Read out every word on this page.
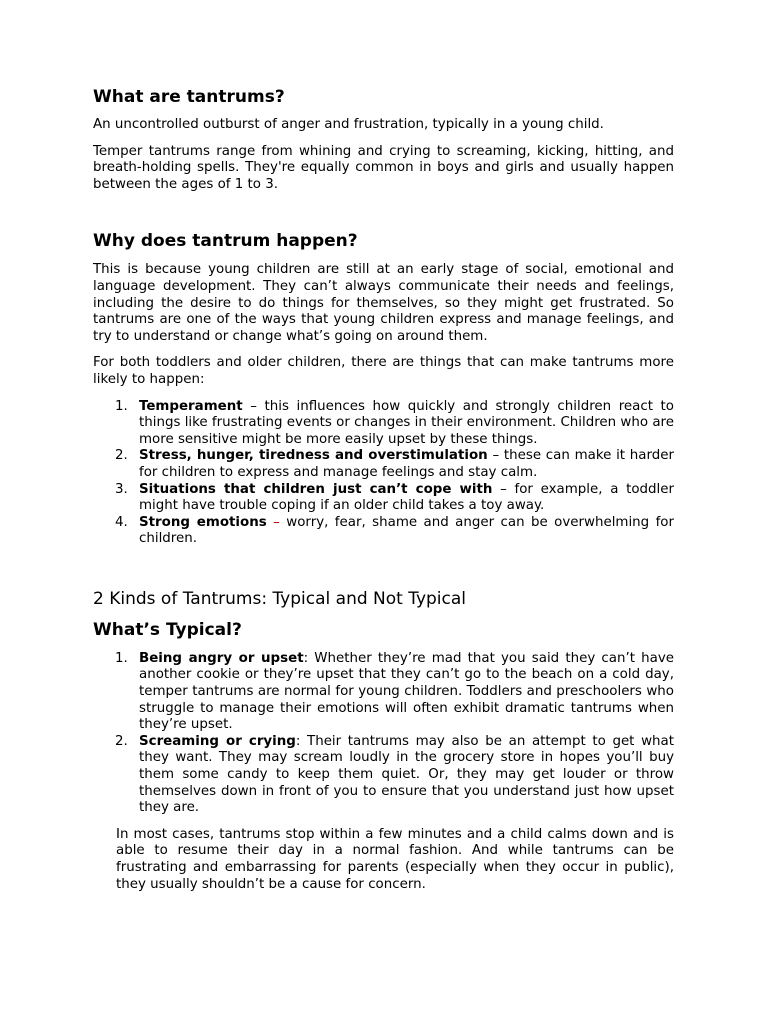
What are tantrums?

An uncontrolled outburst of anger and frustration, typically in a young child.

Temper tantrums range from whining and crying to screaming, kicking, hitting, and breath-holding spells. They're equally common in boys and girls and usually happen between the ages of 1 to 3.

Why does tantrum happen?

This is because young children are still at an early stage of social, emotional and language development. They can’t always communicate their needs and feelings, including the desire to do things for themselves, so they might get frustrated. So tantrums are one of the ways that young children express and manage feelings, and try to understand or change what’s going on around them.

For both toddlers and older children, there are things that can make tantrums more likely to happen:

1. Temperament – this influences how quickly and strongly children react to things like frustrating events or changes in their environment. Children who are more sensitive might be more easily upset by these things.
2. Stress, hunger, tiredness and overstimulation – these can make it harder for children to express and manage feelings and stay calm.
3. Situations that children just can’t cope with – for example, a toddler might have trouble coping if an older child takes a toy away.
4. Strong emotions – worry, fear, shame and anger can be overwhelming for children.
2 Kinds of Tantrums: Typical and Not Typical
What’s Typical?
1. Being angry or upset: Whether they’re mad that you said they can’t have another cookie or they’re upset that they can’t go to the beach on a cold day, temper tantrums are normal for young children. Toddlers and preschoolers who struggle to manage their emotions will often exhibit dramatic tantrums when they’re upset.
2. Screaming or crying: Their tantrums may also be an attempt to get what they want. They may scream loudly in the grocery store in hopes you’ll buy them some candy to keep them quiet. Or, they may get louder or throw themselves down in front of you to ensure that you understand just how upset they are.

In most cases, tantrums stop within a few minutes and a child calms down and is able to resume their day in a normal fashion. And while tantrums can be frustrating and embarrassing for parents (especially when they occur in public), they usually shouldn’t be a cause for concern.
